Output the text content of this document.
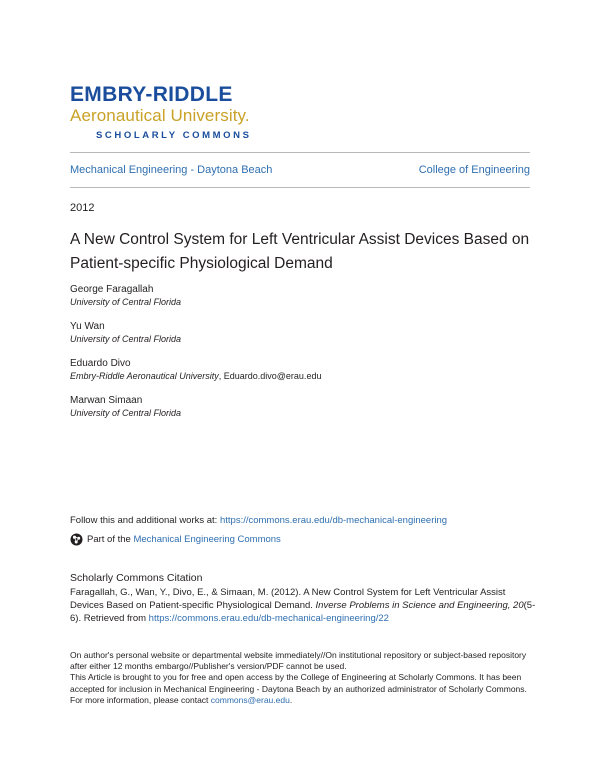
EMBRY-RIDDLE
Aeronautical University.
SCHOLARLY COMMONS
Mechanical Engineering - Daytona Beach	College of Engineering
2012
A New Control System for Left Ventricular Assist Devices Based on Patient-specific Physiological Demand
George Faragallah
University of Central Florida
Yu Wan
University of Central Florida
Eduardo Divo
Embry-Riddle Aeronautical University, Eduardo.divo@erau.edu
Marwan Simaan
University of Central Florida
Follow this and additional works at: https://commons.erau.edu/db-mechanical-engineering
Part of the
Mechanical Engineering Commons
Scholarly Commons Citation
Faragallah, G., Wan, Y., Divo, E., & Simaan, M. (2012). A New Control System for Left Ventricular Assist Devices Based on Patient-specific Physiological Demand. Inverse Problems in Science and Engineering, 20(5-6). Retrieved from https://commons.erau.edu/db-mechanical-engineering/22
On author's personal website or departmental website immediately//On institutional repository or subject-based repository after either 12 months embargo//Publisher's version/PDF cannot be used.
This Article is brought to you for free and open access by the College of Engineering at Scholarly Commons. It has been accepted for inclusion in Mechanical Engineering - Daytona Beach by an authorized administrator of Scholarly Commons. For more information, please contact commons@erau.edu.
